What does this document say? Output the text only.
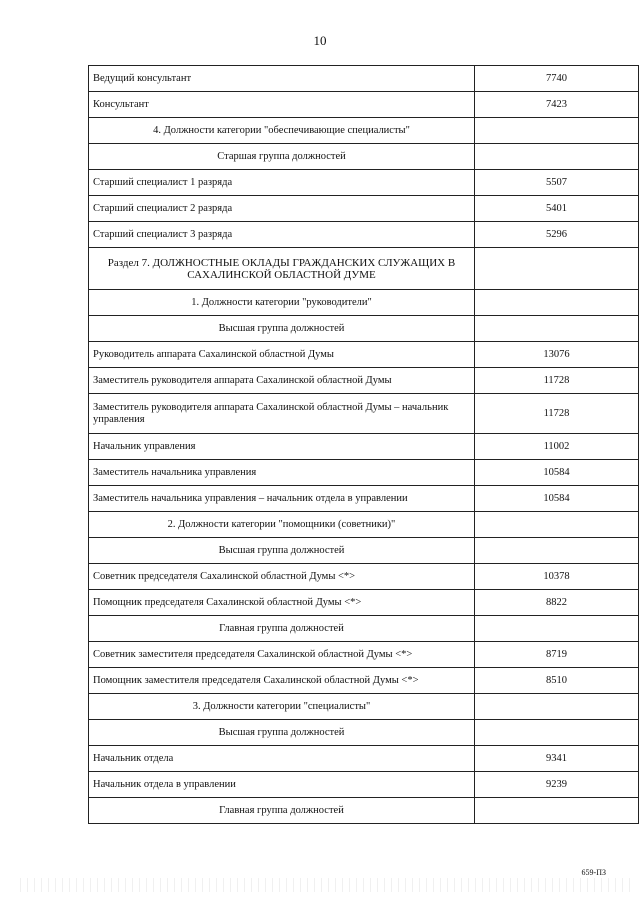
10
Ведущий консультант	7740
Консультант	7423
4. Должности категории "обеспечивающие специалисты"	
Старшая группа должностей	
Старший специалист 1 разряда	5507
Старший специалист 2 разряда	5401
Старший специалист 3 разряда	5296
Раздел 7. ДОЛЖНОСТНЫЕ ОКЛАДЫ ГРАЖДАНСКИХ СЛУЖАЩИХ В САХАЛИНСКОЙ ОБЛАСТНОЙ ДУМЕ	
1. Должности категории "руководители"	
Высшая группа должностей	
Руководитель аппарата Сахалинской областной Думы	13076
Заместитель руководителя аппарата Сахалинской областной Думы	11728
Заместитель руководителя аппарата Сахалинской областной Думы – начальник управления	11728
Начальник управления	11002
Заместитель начальника управления	10584
Заместитель начальника управления – начальник отдела в управлении	10584
2. Должности категории "помощники (советники)"	
Высшая группа должностей	
Советник председателя Сахалинской областной Думы <*>	10378
Помощник председателя Сахалинской областной Думы <*>	8822
Главная группа должностей	
Советник заместителя председателя Сахалинской областной Думы <*>	8719
Помощник заместителя председателя Сахалинской областной Думы <*>	8510
3. Должности категории "специалисты"	
Высшая группа должностей	
Начальник отдела	9341
Начальник отдела в управлении	9239
Главная группа должностей	
659-ПЗ
